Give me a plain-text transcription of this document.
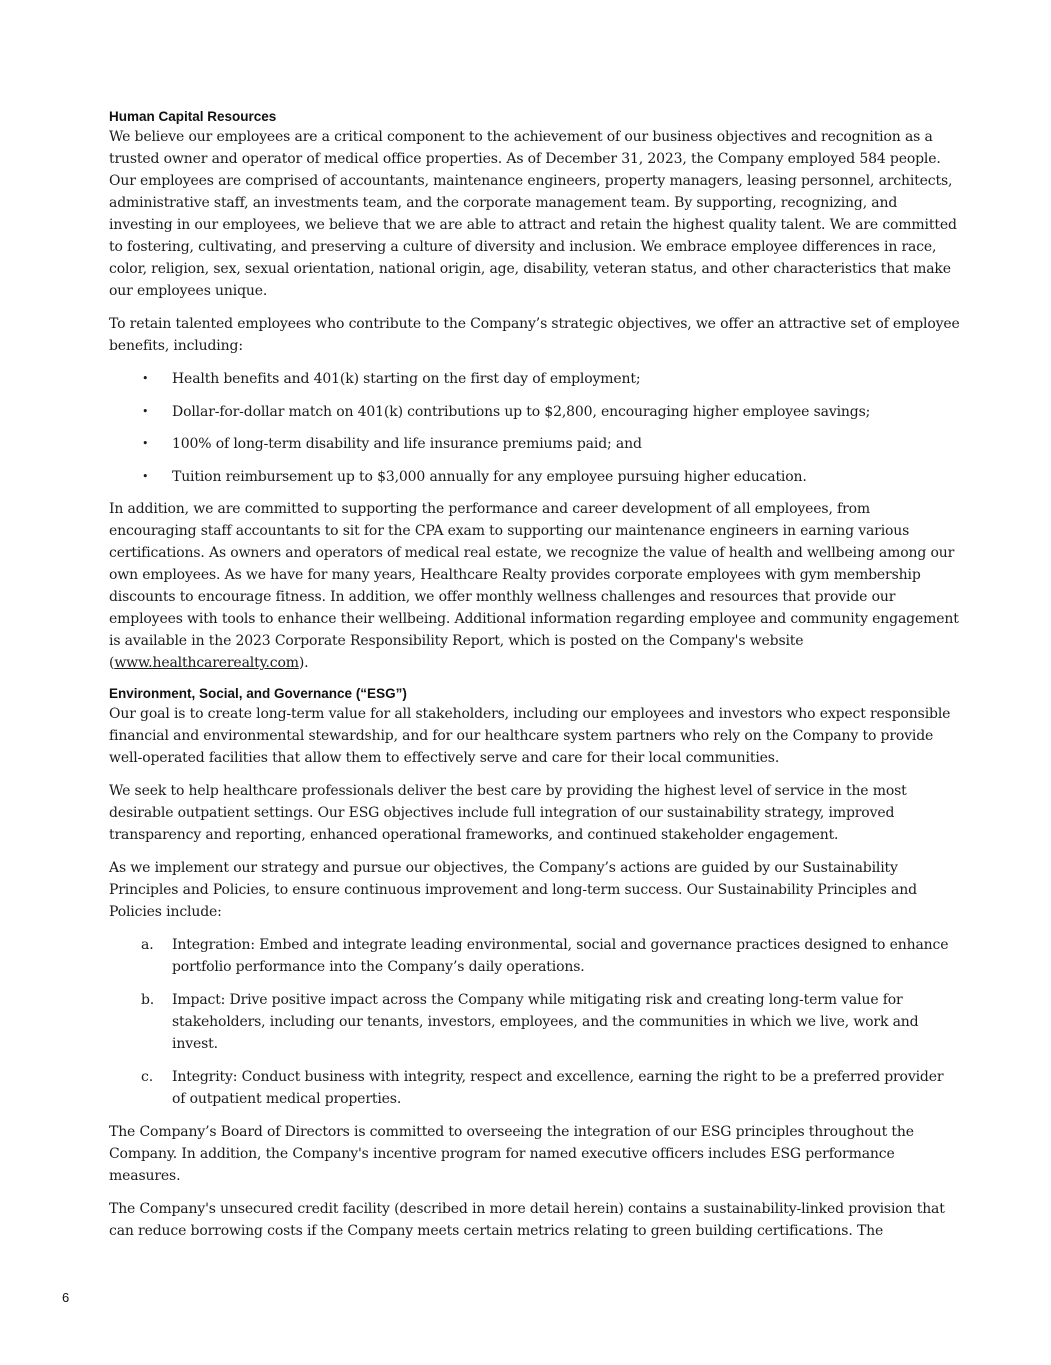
Human Capital Resources

We believe our employees are a critical component to the achievement of our business objectives and recognition as a trusted owner and operator of medical office properties. As of December 31, 2023, the Company employed 584 people. Our employees are comprised of accountants, maintenance engineers, property managers, leasing personnel, architects, administrative staff, an investments team, and the corporate management team. By supporting, recognizing, and investing in our employees, we believe that we are able to attract and retain the highest quality talent. We are committed to fostering, cultivating, and preserving a culture of diversity and inclusion. We embrace employee differences in race, color, religion, sex, sexual orientation, national origin, age, disability, veteran status, and other characteristics that make our employees unique.

To retain talented employees who contribute to the Company’s strategic objectives, we offer an attractive set of employee benefits, including:

• Health benefits and 401(k) starting on the first day of employment;
• Dollar-for-dollar match on 401(k) contributions up to $2,800, encouraging higher employee savings;
• 100% of long-term disability and life insurance premiums paid; and
• Tuition reimbursement up to $3,000 annually for any employee pursuing higher education.

In addition, we are committed to supporting the performance and career development of all employees, from encouraging staff accountants to sit for the CPA exam to supporting our maintenance engineers in earning various certifications. As owners and operators of medical real estate, we recognize the value of health and wellbeing among our own employees. As we have for many years, Healthcare Realty provides corporate employees with gym membership discounts to encourage fitness. In addition, we offer monthly wellness challenges and resources that provide our employees with tools to enhance their wellbeing. Additional information regarding employee and community engagement is available in the 2023 Corporate Responsibility Report, which is posted on the Company's website (www.healthcarerealty.com).

Environment, Social, and Governance (“ESG”)

Our goal is to create long-term value for all stakeholders, including our employees and investors who expect responsible financial and environmental stewardship, and for our healthcare system partners who rely on the Company to provide well-operated facilities that allow them to effectively serve and care for their local communities.

We seek to help healthcare professionals deliver the best care by providing the highest level of service in the most desirable outpatient settings. Our ESG objectives include full integration of our sustainability strategy, improved transparency and reporting, enhanced operational frameworks, and continued stakeholder engagement.

As we implement our strategy and pursue our objectives, the Company’s actions are guided by our Sustainability Principles and Policies, to ensure continuous improvement and long-term success. Our Sustainability Principles and Policies include:

a. Integration: Embed and integrate leading environmental, social and governance practices designed to enhance portfolio performance into the Company’s daily operations.
b. Impact: Drive positive impact across the Company while mitigating risk and creating long-term value for stakeholders, including our tenants, investors, employees, and the communities in which we live, work and invest.
c. Integrity: Conduct business with integrity, respect and excellence, earning the right to be a preferred provider of outpatient medical properties.

The Company’s Board of Directors is committed to overseeing the integration of our ESG principles throughout the Company. In addition, the Company's incentive program for named executive officers includes ESG performance measures.

The Company's unsecured credit facility (described in more detail herein) contains a sustainability-linked provision that can reduce borrowing costs if the Company meets certain metrics relating to green building certifications. The

6
